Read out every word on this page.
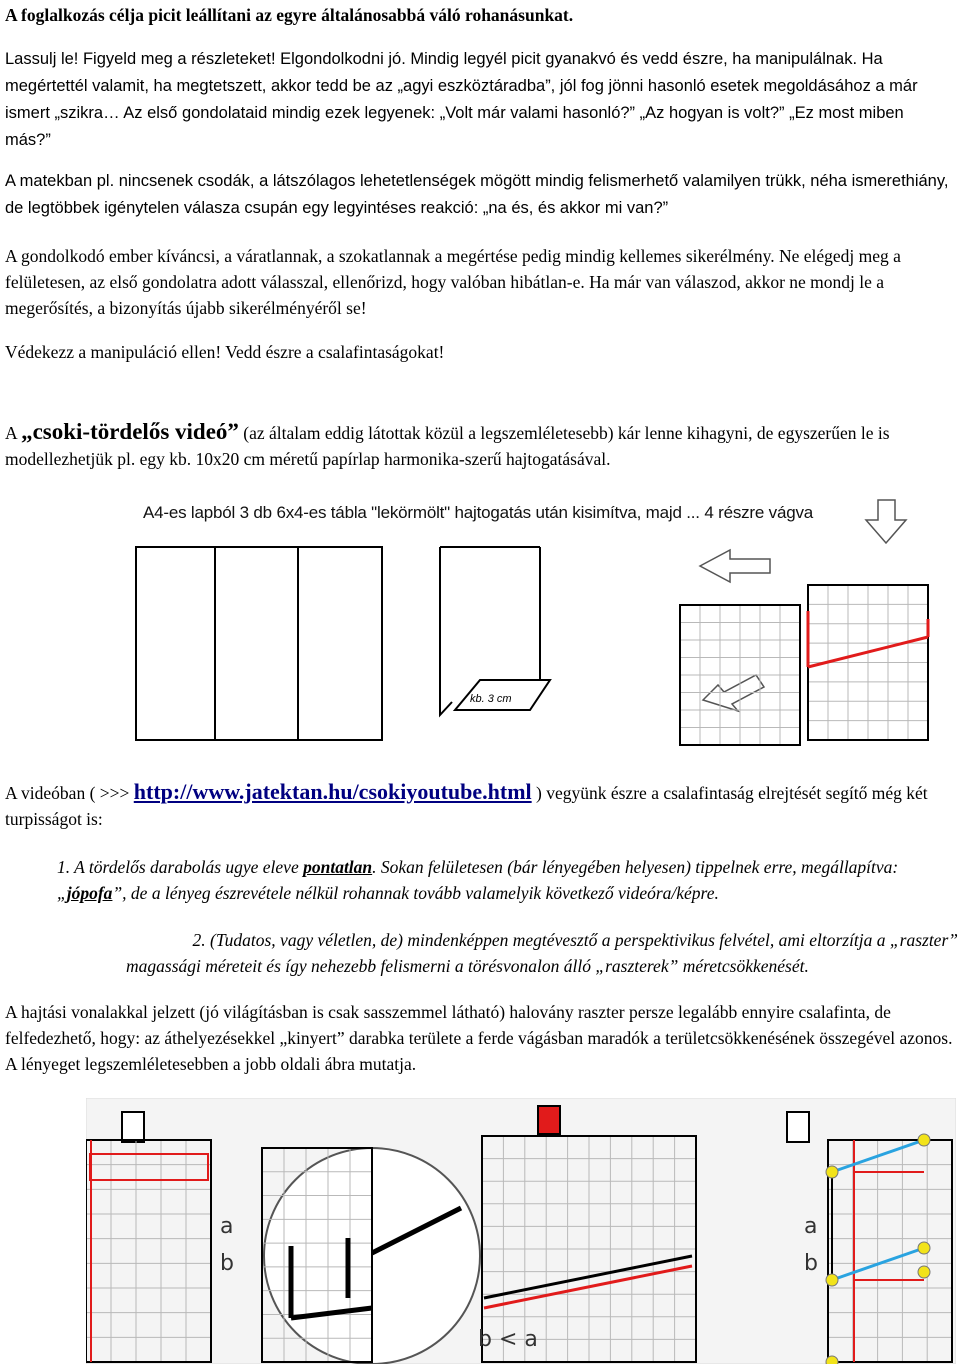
A foglalkozás célja picit leállítani az egyre általánosabbá váló rohanásunkat.

Lassulj le! Figyeld meg a részleteket! Elgondolkodni jó. Mindig legyél picit gyanakvó és vedd észre, ha manipulálnak. Ha megértettél valamit, ha megtetszett, akkor tedd be az „agyi eszköztáradba”, jól fog jönni hasonló esetek megoldásához a már ismert „szikra… Az első gondolataid mindig ezek legyenek: „Volt már valami hasonló?” „Az hogyan is volt?” „Ez most miben más?”

A matekban pl. nincsenek csodák, a látszólagos lehetetlenségek mögött mindig felismerhető valamilyen trükk, néha ismerethiány, de legtöbbek igénytelen válasza csupán egy legyintéses reakció: „na és, és akkor mi van?”

A gondolkodó ember kíváncsi, a váratlannak, a szokatlannak a megértése pedig mindig kellemes sikerélmény. Ne elégedj meg a felületesen, az első gondolatra adott válasszal, ellenőrizd, hogy valóban hibátlan-e. Ha már van válaszod, akkor ne mondj le a megerősítés, a bizonyítás újabb sikerélményéről se!

Védekezz a manipuláció ellen! Vedd észre a csalafintaságokat!

A „csoki-tördelős videó” (az általam eddig látottak közül a legszemléletesebb) kár lenne kihagyni, de egyszerűen le is modellezhetjük pl. egy kb. 10x20 cm méretű papírlap harmonika-szerű hajtogatásával.

A4-es lapból 3 db 6x4-es tábla "lekörmölt" hajtogatás után kisimítva, majd ... 4 részre vágva
kb. 3 cm

A videóban ( >>> http://www.jatektan.hu/csokiyoutube.html ) vegyünk észre a csalafintaság elrejtését segítő még két turpisságot is:

1. A tördelős darabolás ugye eleve pontatlan. Sokan felületesen (bár lényegében helyesen) tippelnek erre, megállapítva: „jópofa”, de a lényeg észrevétele nélkül rohannak tovább valamelyik következő videóra/képre.
2. (Tudatos, vagy véletlen, de) mindenképpen megtévesztő a perspektivikus felvétel, ami eltorzítja a „raszter”
magassági méreteit és így nehezebb felismerni a törésvonalon álló „raszterek” méretcsökkenését.

A hajtási vonalakkal jelzett (jó világításban is csak sasszemmel látható) halovány raszter persze legalább ennyire csalafinta, de felfedezhető, hogy: az áthelyezésekkel „kinyert” darabka területe a ferde vágásban maradók a területcsökkenésének összegével azonos. A lényeget legszemléletesebben a jobb oldali ábra mutatja.

a
b
a
b
b < a
